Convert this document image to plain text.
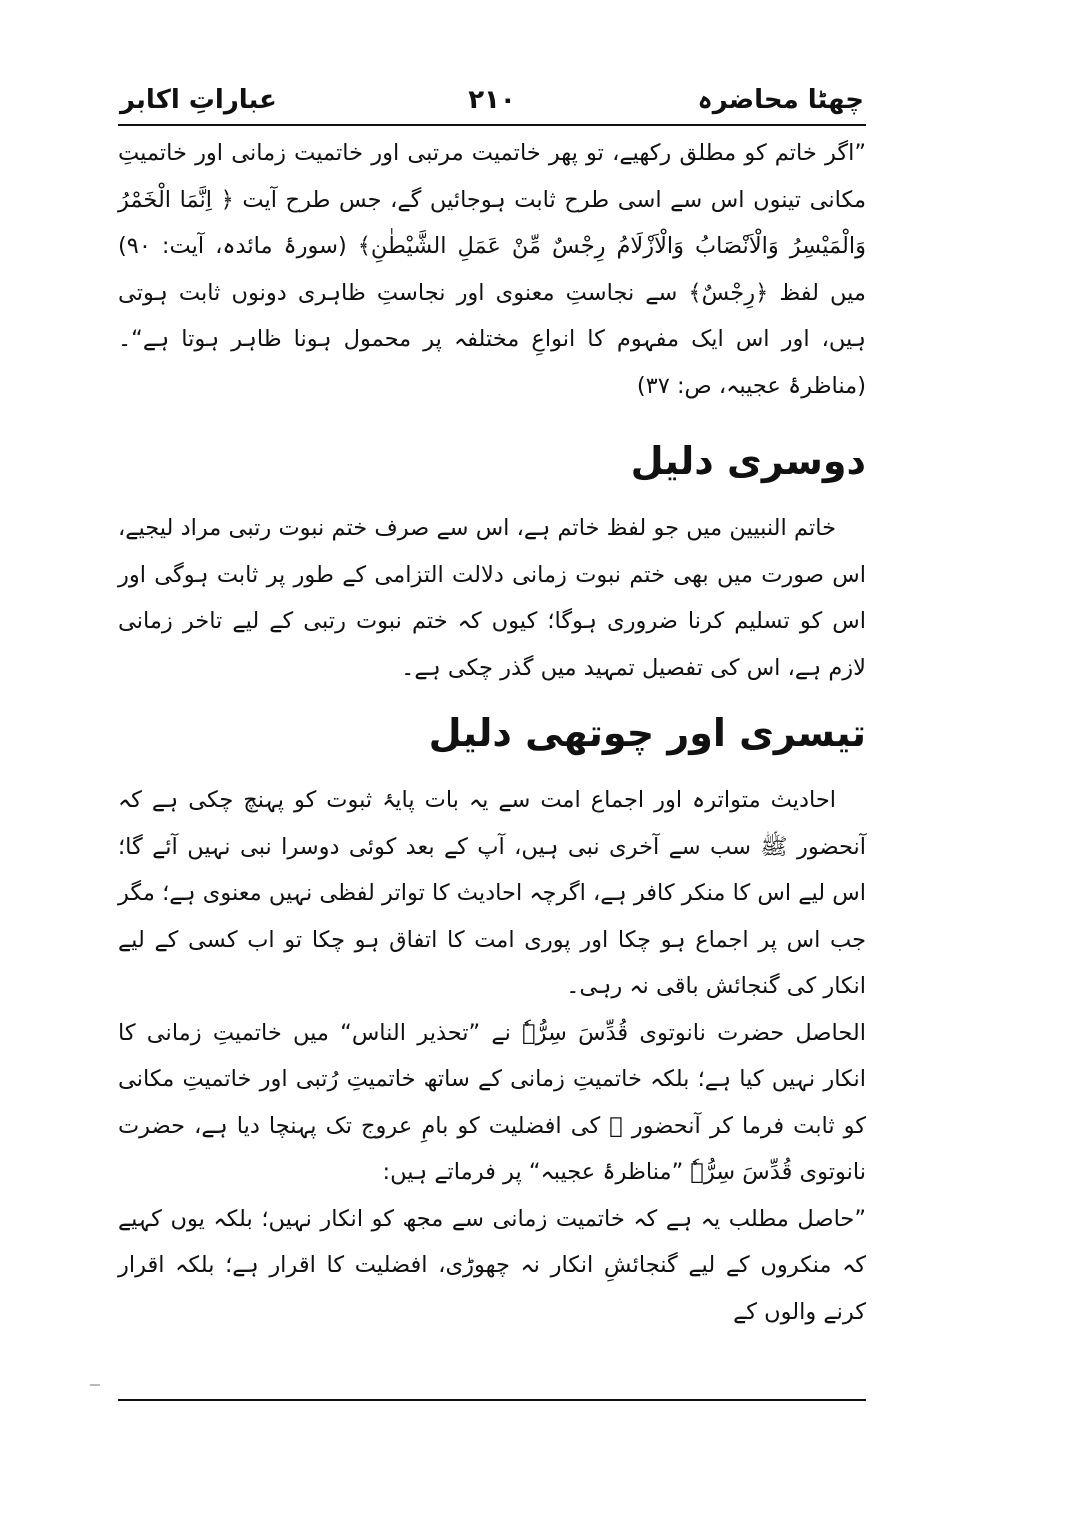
چھٹا محاضرہ
۲۱۰
عباراتِ اکابر

”اگر خاتم کو مطلق رکھیے، تو پھر خاتمیت مرتبی اور خاتمیت زمانی اور خاتمیتِ مکانی تینوں اس سے اسی طرح ثابت ہوجائیں گے، جس طرح آیت ﴿ اِنَّمَا الْخَمْرُ وَالْمَیْسِرُ وَالْاَنْصَابُ وَالْاَزْلَامُ رِجْسٌ مِّنْ عَمَلِ الشَّیْطٰنِ﴾ (سورۂ مائدہ، آیت: ۹۰) میں لفظ ﴿رِجْسٌ﴾ سے نجاستِ معنوی اور نجاستِ ظاہری دونوں ثابت ہوتی ہیں، اور اس ایک مفہوم کا انواعِ مختلفہ پر محمول ہونا ظاہر ہوتا ہے“۔ (مناظرۂ عجیبہ، ص: ۳۷)

دوسری دلیل

خاتم النبیین میں جو لفظ خاتم ہے، اس سے صرف ختم نبوت رتبی مراد لیجیے، اس صورت میں بھی ختم نبوت زمانی دلالت التزامی کے طور پر ثابت ہوگی اور اس کو تسلیم کرنا ضروری ہوگا؛ کیوں کہ ختم نبوت رتبی کے لیے تاخر زمانی لازم ہے، اس کی تفصیل تمہید میں گذر چکی ہے۔

تیسری اور چوتھی دلیل

احادیث متواترہ اور اجماع امت سے یہ بات پایۂ ثبوت کو پہنچ چکی ہے کہ آنحضور ﷺ سب سے آخری نبی ہیں، آپ کے بعد کوئی دوسرا نبی نہیں آئے گا؛ اس لیے اس کا منکر کافر ہے، اگرچہ احادیث کا تواتر لفظی نہیں معنوی ہے؛ مگر جب اس پر اجماع ہو چکا اور پوری امت کا اتفاق ہو چکا تو اب کسی کے لیے انکار کی گنجائش باقی نہ رہی۔

الحاصل حضرت نانوتوی قُدِّسَ سِرُّہٗ نے ”تحذیر الناس“ میں خاتمیتِ زمانی کا انکار نہیں کیا ہے؛ بلکہ خاتمیتِ زمانی کے ساتھ خاتمیتِ رُتبی اور خاتمیتِ مکانی کو ثابت فرما کر آنحضور ﷺ کی افضلیت کو بامِ عروج تک پہنچا دیا ہے، حضرت نانوتوی قُدِّسَ سِرُّہٗ ”مناظرۂ عجیبہ“ پر فرماتے ہیں:

”حاصل مطلب یہ ہے کہ خاتمیت زمانی سے مجھ کو انکار نہیں؛ بلکہ یوں کہیے کہ منکروں کے لیے گنجائشِ انکار نہ چھوڑی، افضلیت کا اقرار ہے؛ بلکہ اقرار کرنے والوں کے
